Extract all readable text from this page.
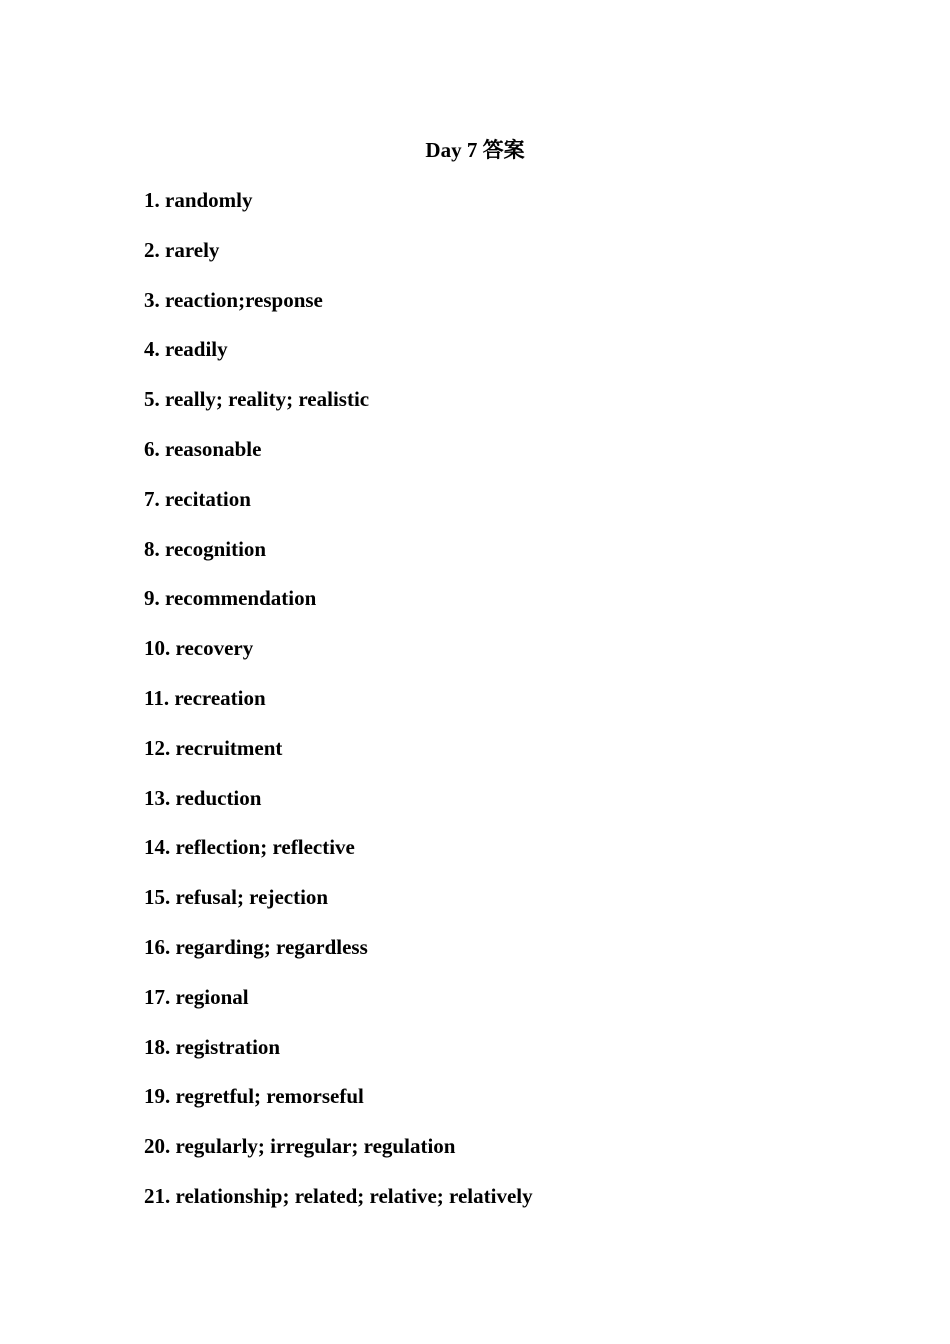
Day 7 答案
1. randomly
2. rarely
3. reaction;response
4. readily
5. really; reality; realistic
6. reasonable
7. recitation
8. recognition
9. recommendation
10. recovery
11. recreation
12. recruitment
13. reduction
14. reflection; reflective
15. refusal; rejection
16. regarding; regardless
17. regional
18. registration
19. regretful; remorseful
20. regularly; irregular; regulation
21. relationship; related; relative; relatively
